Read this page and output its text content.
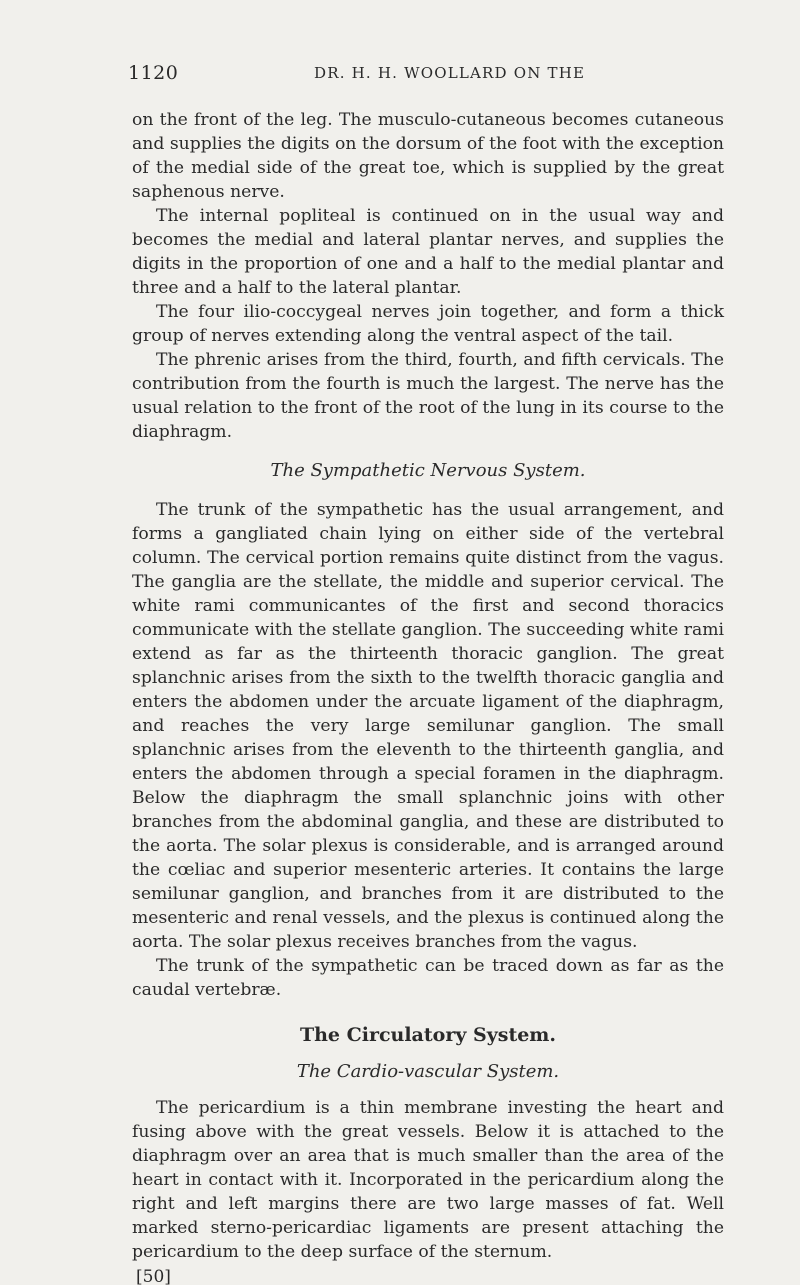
1120	DR. H. H. WOOLLARD ON THE

on the front of the leg. The musculo-cutaneous becomes cutaneous and supplies the digits on the dorsum of the foot with the exception of the medial side of the great toe, which is supplied by the great saphenous nerve.

The internal popliteal is continued on in the usual way and becomes the medial and lateral plantar nerves, and supplies the digits in the proportion of one and a half to the medial plantar and three and a half to the lateral plantar.

The four ilio-coccygeal nerves join together, and form a thick group of nerves extending along the ventral aspect of the tail.

The phrenic arises from the third, fourth, and fifth cervicals. The contribution from the fourth is much the largest. The nerve has the usual relation to the front of the root of the lung in its course to the diaphragm.

The Sympathetic Nervous System.

The trunk of the sympathetic has the usual arrangement, and forms a gangliated chain lying on either side of the vertebral column. The cervical portion remains quite distinct from the vagus. The ganglia are the stellate, the middle and superior cervical. The white rami communicantes of the first and second thoracics communicate with the stellate ganglion. The succeeding white rami extend as far as the thirteenth thoracic ganglion. The great splanchnic arises from the sixth to the twelfth thoracic ganglia and enters the abdomen under the arcuate ligament of the diaphragm, and reaches the very large semilunar ganglion. The small splanchnic arises from the eleventh to the thirteenth ganglia, and enters the abdomen through a special foramen in the diaphragm. Below the diaphragm the small splanchnic joins with other branches from the abdominal ganglia, and these are distributed to the aorta. The solar plexus is considerable, and is arranged around the cœliac and superior mesenteric arteries. It contains the large semilunar ganglion, and branches from it are distributed to the mesenteric and renal vessels, and the plexus is continued along the aorta. The solar plexus receives branches from the vagus.

The trunk of the sympathetic can be traced down as far as the caudal vertebræ.

The Circulatory System.
The Cardio-vascular System.

The pericardium is a thin membrane investing the heart and fusing above with the great vessels. Below it is attached to the diaphragm over an area that is much smaller than the area of the heart in contact with it. Incorporated in the pericardium along the right and left margins there are two large masses of fat. Well marked sterno-pericardiac ligaments are present attaching the pericardium to the deep surface of the sternum.

[50]
